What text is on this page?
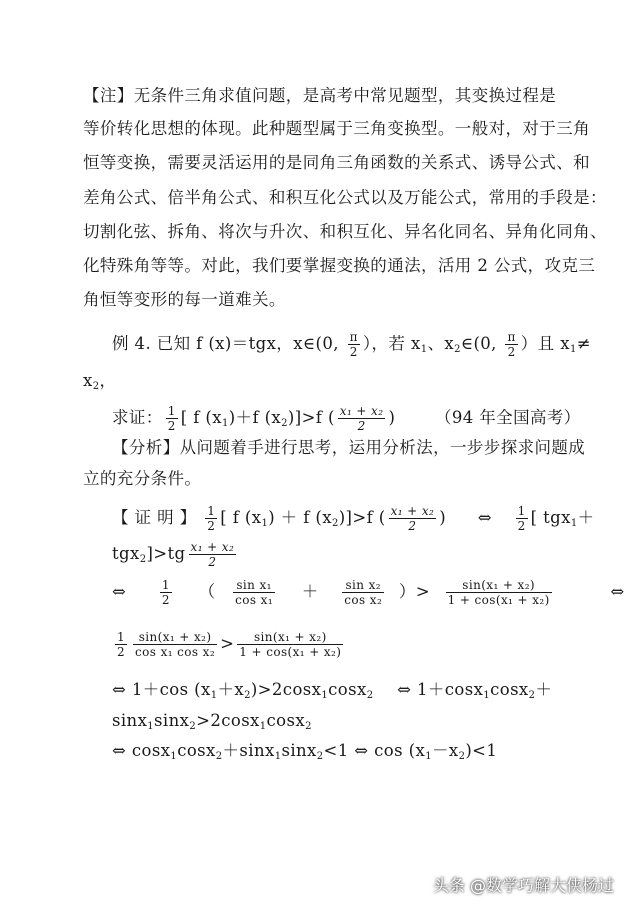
【注】无条件三角求值问题，是高考中常见题型，其变换过程是
等价转化思想的体现。此种题型属于三角变换型。一般对，对于三角
恒等变换，需要灵活运用的是同角三角函数的关系式、诱导公式、和
差角公式、倍半角公式、和积互化公式以及万能公式，常用的手段是：
切割化弦、拆角、将次与升次、和积互化、异名化同名、异角化同角、
化特殊角等等。对此，我们要掌握变换的通法，活用 2 公式，攻克三
角恒等变形的每一道难关。
例 4. 已知 f (x)＝tgx，x∈(0, $\frac{\pi}{2}$ ），若 $x_1$、$x_2\in(0$, $\frac{\pi}{2}$ ）且 $x_1\ne$
$x_2$，
求证： $\frac{1}{2}$ [ f $(x_1)+f$ $(x_2)]>f$ ( $\frac{\text{x₁ + x₂}}{2}$ ) （94 年全国高考）
【分析】从问题着手进行思考，运用分析法，一步步探求问题成
立的充分条件。
【 证 明 】 $\frac{1}{2}$ [ f $(x_1) + f$ $(x_2)]>f$ ( $\frac{\text{x₁ + x₂}}{2}$ ) ⇔ $\frac{1}{2}$ [ tgx$_1$＋
$tgx_2]>tg \frac{\text{x₁ + x₂}}{2}$
⇔	$\frac{1}{2}$ （ $\frac{\text{sin x₁}}{\text{cos x₁}} + \frac{\text{sin x₂}}{\text{cos x₂}}$ ）> $\frac{\text{sin(x₁ + x₂)}}{\text{1 + cos(x₁ + x₂)}}$	⇔
$\frac{1}{2} \frac{\text{sin(x₁ + x₂)}}{\text{cos x₁ cos x₂}} > \frac{\text{sin(x₁ + x₂)}}{\text{1 + cos(x₁ + x₂)}}$
⇔ 1＋cos $(x_1+x_2)>2\cos x_1\cos x_2$ ⇔ 1＋cosx$_1$cosx$_2$＋
sinx$_1$sinx$_2$>2cosx$_1$cosx$_2$
⇔ cosx$_1$cosx$_2$＋sinx$_1$sinx$_2$<1 ⇔ $\cos (x_1-x_2)<1$
头条 @数学巧解大侠杨过
